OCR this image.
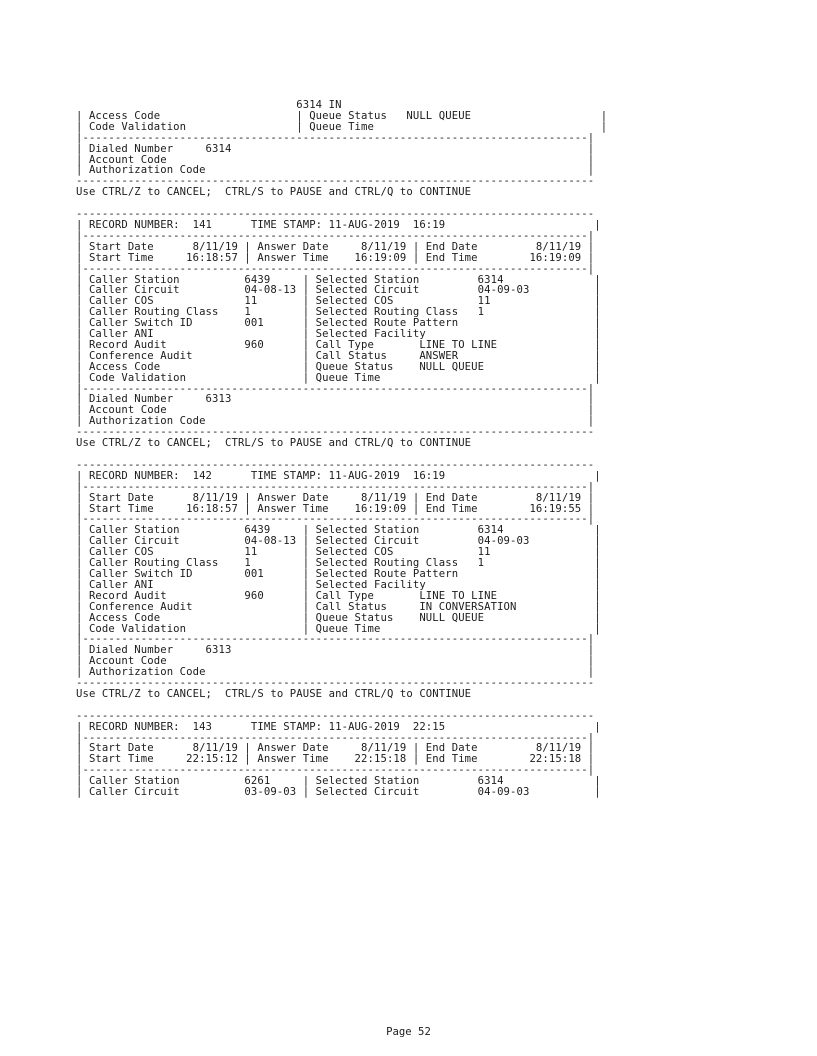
6314 IN
| Access Code                     | Queue Status   NULL QUEUE                    |
| Code Validation                 | Queue Time                                   |
|------------------------------------------------------------------------------|
| Dialed Number     6314                                                       |
| Account Code                                                                 |
| Authorization Code                                                           |
--------------------------------------------------------------------------------
Use CTRL/Z to CANCEL;  CTRL/S to PAUSE and CTRL/Q to CONTINUE

--------------------------------------------------------------------------------
| RECORD NUMBER:  141      TIME STAMP: 11-AUG-2019  16:19                       |
|------------------------------------------------------------------------------|
| Start Date      8/11/19 | Answer Date     8/11/19 | End Date         8/11/19 |
| Start Time     16:18:57 | Answer Time    16:19:09 | End Time        16:19:09 |
|------------------------------------------------------------------------------|
| Caller Station          6439     | Selected Station         6314              |
| Caller Circuit          04-08-13 | Selected Circuit         04-09-03          |
| Caller COS              11       | Selected COS             11                |
| Caller Routing Class    1        | Selected Routing Class   1                 |
| Caller Switch ID        001      | Selected Route Pattern                     |
| Caller ANI                       | Selected Facility                          |
| Record Audit            960      | Call Type       LINE TO LINE               |
| Conference Audit                 | Call Status     ANSWER                     |
| Access Code                      | Queue Status    NULL QUEUE                 |
| Code Validation                  | Queue Time                                 |
|------------------------------------------------------------------------------|
| Dialed Number     6313                                                       |
| Account Code                                                                 |
| Authorization Code                                                           |
--------------------------------------------------------------------------------
Use CTRL/Z to CANCEL;  CTRL/S to PAUSE and CTRL/Q to CONTINUE

--------------------------------------------------------------------------------
| RECORD NUMBER:  142      TIME STAMP: 11-AUG-2019  16:19                       |
|------------------------------------------------------------------------------|
| Start Date      8/11/19 | Answer Date     8/11/19 | End Date         8/11/19 |
| Start Time     16:18:57 | Answer Time    16:19:09 | End Time        16:19:55 |
|------------------------------------------------------------------------------|
| Caller Station          6439     | Selected Station         6314              |
| Caller Circuit          04-08-13 | Selected Circuit         04-09-03          |
| Caller COS              11       | Selected COS             11                |
| Caller Routing Class    1        | Selected Routing Class   1                 |
| Caller Switch ID        001      | Selected Route Pattern                     |
| Caller ANI                       | Selected Facility                          |
| Record Audit            960      | Call Type       LINE TO LINE               |
| Conference Audit                 | Call Status     IN CONVERSATION            |
| Access Code                      | Queue Status    NULL QUEUE                 |
| Code Validation                  | Queue Time                                 |
|------------------------------------------------------------------------------|
| Dialed Number     6313                                                       |
| Account Code                                                                 |
| Authorization Code                                                           |
--------------------------------------------------------------------------------
Use CTRL/Z to CANCEL;  CTRL/S to PAUSE and CTRL/Q to CONTINUE

--------------------------------------------------------------------------------
| RECORD NUMBER:  143      TIME STAMP: 11-AUG-2019  22:15                       |
|------------------------------------------------------------------------------|
| Start Date      8/11/19 | Answer Date     8/11/19 | End Date         8/11/19 |
| Start Time     22:15:12 | Answer Time    22:15:18 | End Time        22:15:18 |
|------------------------------------------------------------------------------|
| Caller Station          6261     | Selected Station         6314              |
| Caller Circuit          03-09-03 | Selected Circuit         04-09-03          |

Page 52
